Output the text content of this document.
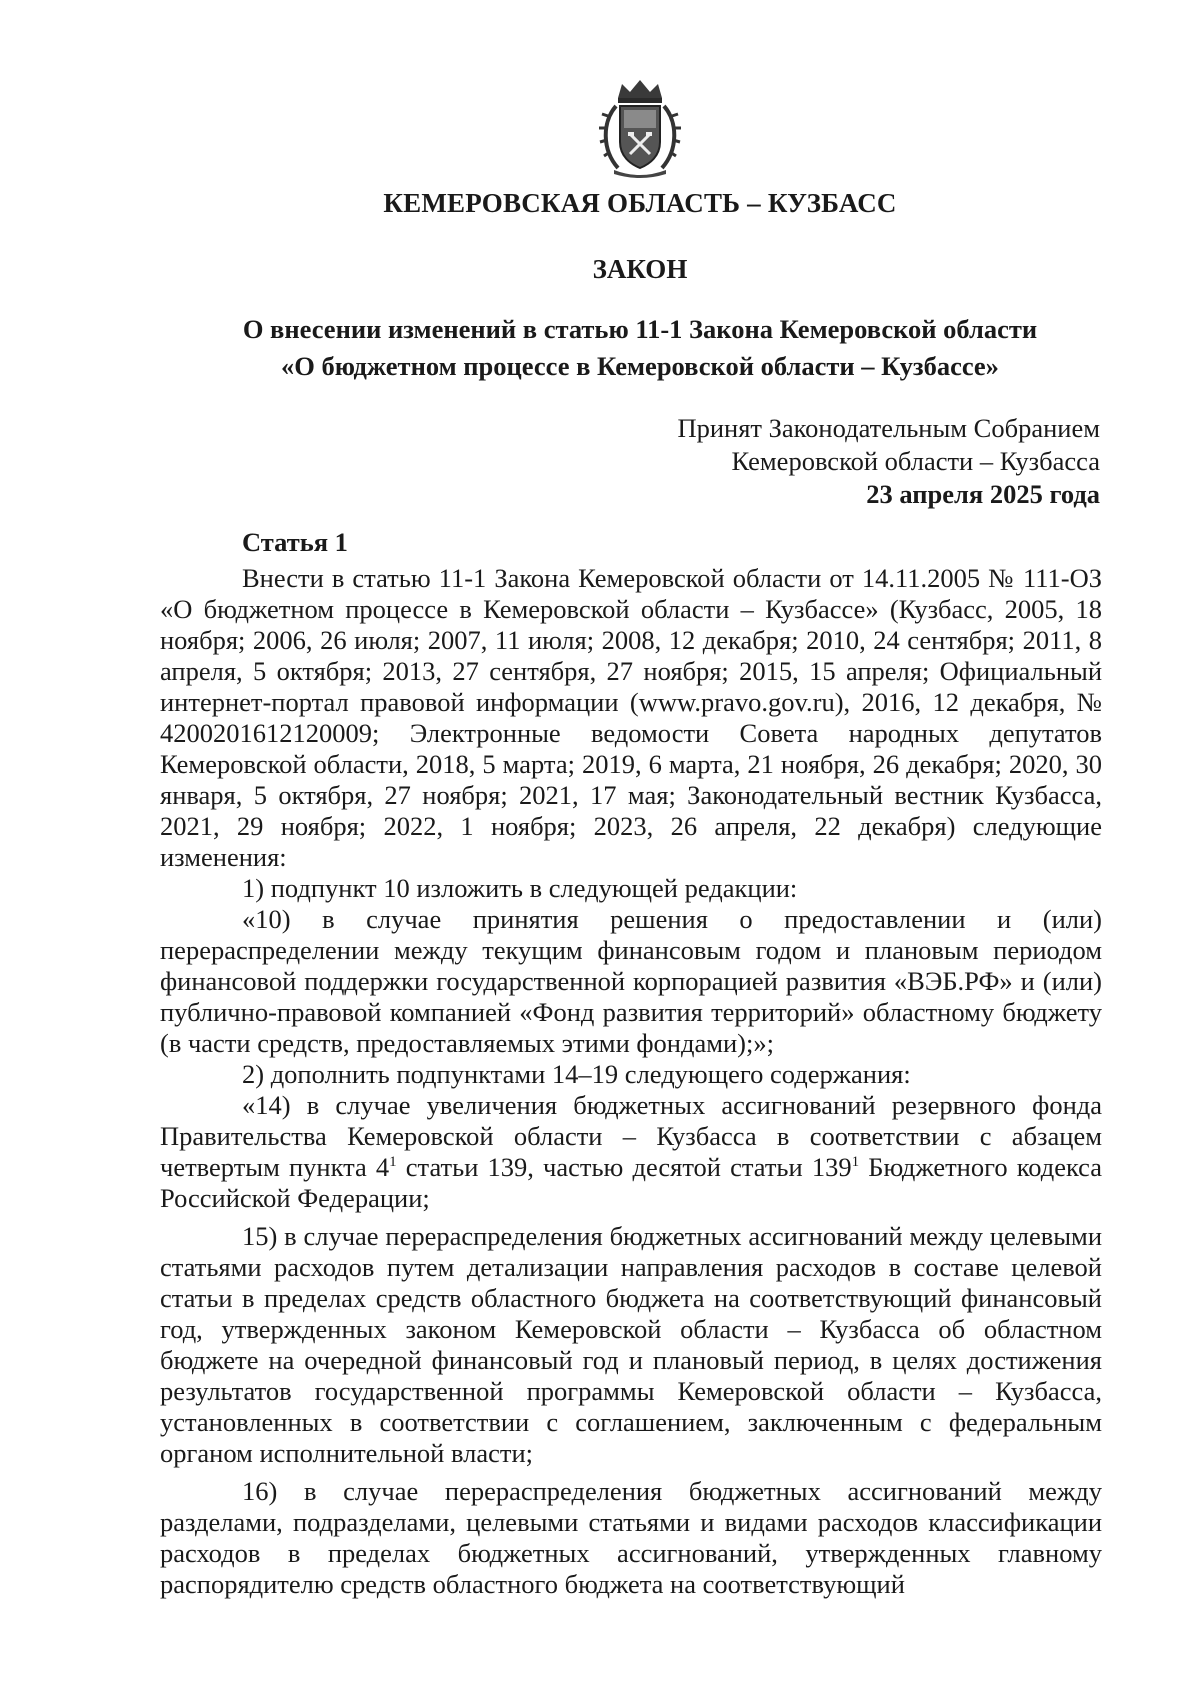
КЕМЕРОВСКАЯ ОБЛАСТЬ – КУЗБАСС
ЗАКОН
О внесении изменений в статью 11-1 Закона Кемеровской области
«О бюджетном процессе в Кемеровской области – Кузбассе»
Принят Законодательным Собранием
Кемеровской области – Кузбасса
23 апреля 2025 года
Статья 1

Внести в статью 11-1 Закона Кемеровской области от 14.11.2005 № 111-ОЗ «О бюджетном процессе в Кемеровской области – Кузбассе» (Кузбасс, 2005, 18 ноября; 2006, 26 июля; 2007, 11 июля; 2008, 12 декабря; 2010, 24 сентября; 2011, 8 апреля, 5 октября; 2013, 27 сентября, 27 ноября; 2015, 15 апреля; Официальный интернет-портал правовой информации (www.pravo.gov.ru), 2016, 12 декабря, № 4200201612120009; Электронные ведомости Совета народных депутатов Кемеровской области, 2018, 5 марта; 2019, 6 марта, 21 ноября, 26 декабря; 2020, 30 января, 5 октября, 27 ноября; 2021, 17 мая; Законодательный вестник Кузбасса, 2021, 29 ноября; 2022, 1 ноября; 2023, 26 апреля, 22 декабря) следующие изменения:

1) подпункт 10 изложить в следующей редакции:

«10) в случае принятия решения о предоставлении и (или) перераспределении между текущим финансовым годом и плановым периодом финансовой поддержки государственной корпорацией развития «ВЭБ.РФ» и (или) публично-правовой компанией «Фонд развития территорий» областному бюджету (в части средств, предоставляемых этими фондами);»;

2) дополнить подпунктами 14–19 следующего содержания:

«14) в случае увеличения бюджетных ассигнований резервного фонда Правительства Кемеровской области – Кузбасса в соответствии с абзацем четвертым пункта $4^1$ статьи 139, частью десятой статьи $139^1$ Бюджетного кодекса Российской Федерации;

15) в случае перераспределения бюджетных ассигнований между целевыми статьями расходов путем детализации направления расходов в составе целевой статьи в пределах средств областного бюджета на соответствующий финансовый год, утвержденных законом Кемеровской области – Кузбасса об областном бюджете на очередной финансовый год и плановый период, в целях достижения результатов государственной программы Кемеровской области – Кузбасса, установленных в соответствии с соглашением, заключенным с федеральным органом исполнительной власти;

16) в случае перераспределения бюджетных ассигнований между разделами, подразделами, целевыми статьями и видами расходов классификации расходов в пределах бюджетных ассигнований, утвержденных главному распорядителю средств областного бюджета на соответствующий
